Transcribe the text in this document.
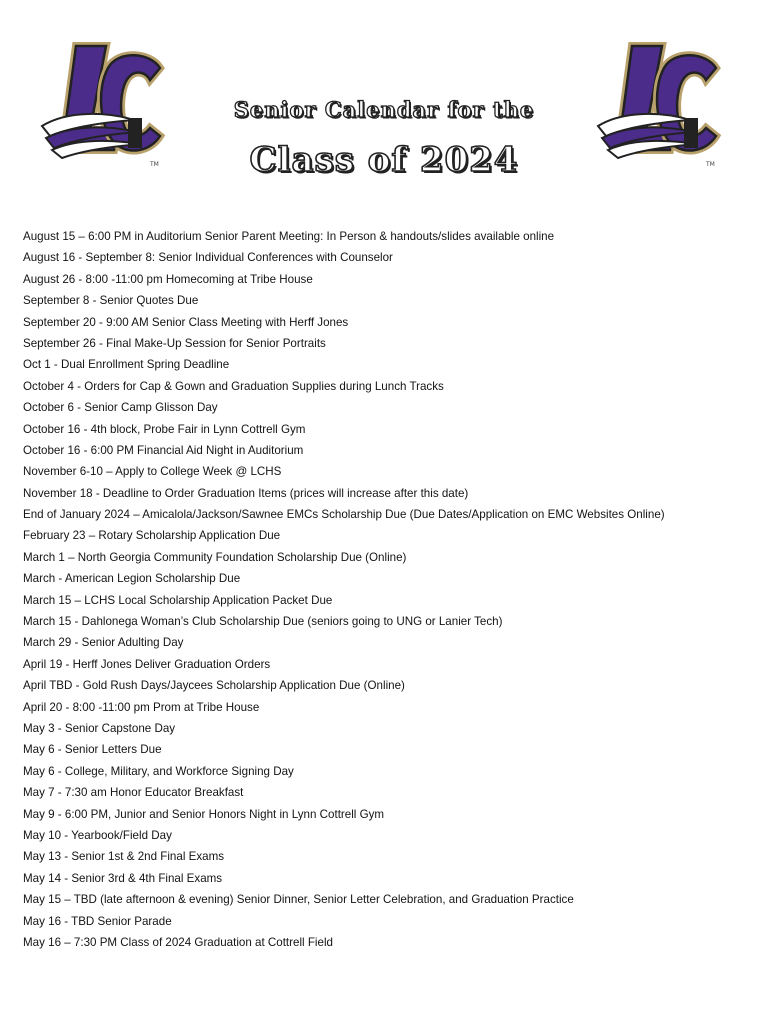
TM	TM
Senior Calendar for the
Class of 2024
August 15 – 6:00 PM in Auditorium Senior Parent Meeting: In Person & handouts/slides available online
August 16 - September 8: Senior Individual Conferences with Counselor
August 26 - 8:00 -11:00 pm Homecoming at Tribe House
September 8 - Senior Quotes Due
September 20 - 9:00 AM Senior Class Meeting with Herff Jones
September 26 - Final Make-Up Session for Senior Portraits
Oct 1 - Dual Enrollment Spring Deadline
October 4 - Orders for Cap & Gown and Graduation Supplies during Lunch Tracks
October 6 - Senior Camp Glisson Day
October 16 - 4th block, Probe Fair in Lynn Cottrell Gym
October 16 - 6:00 PM Financial Aid Night in Auditorium
November 6-10 – Apply to College Week @ LCHS
November 18 - Deadline to Order Graduation Items (prices will increase after this date)
End of January 2024 – Amicalola/Jackson/Sawnee EMCs Scholarship Due (Due Dates/Application on EMC Websites Online)
February 23 – Rotary Scholarship Application Due
March 1 – North Georgia Community Foundation Scholarship Due (Online)
March - American Legion Scholarship Due
March 15 – LCHS Local Scholarship Application Packet Due
March 15 - Dahlonega Woman’s Club Scholarship Due (seniors going to UNG or Lanier Tech)
March 29 - Senior Adulting Day
April 19 - Herff Jones Deliver Graduation Orders
April TBD - Gold Rush Days/Jaycees Scholarship Application Due (Online)
April 20 - 8:00 -11:00 pm Prom at Tribe House
May 3 - Senior Capstone Day
May 6 - Senior Letters Due
May 6 - College, Military, and Workforce Signing Day
May 7 - 7:30 am Honor Educator Breakfast
May 9 - 6:00 PM, Junior and Senior Honors Night in Lynn Cottrell Gym
May 10 - Yearbook/Field Day
May 13 - Senior 1st & 2nd Final Exams
May 14 - Senior 3rd & 4th Final Exams
May 15 – TBD (late afternoon & evening) Senior Dinner, Senior Letter Celebration, and Graduation Practice
May 16 - TBD Senior Parade
May 16 – 7:30 PM Class of 2024 Graduation at Cottrell Field
